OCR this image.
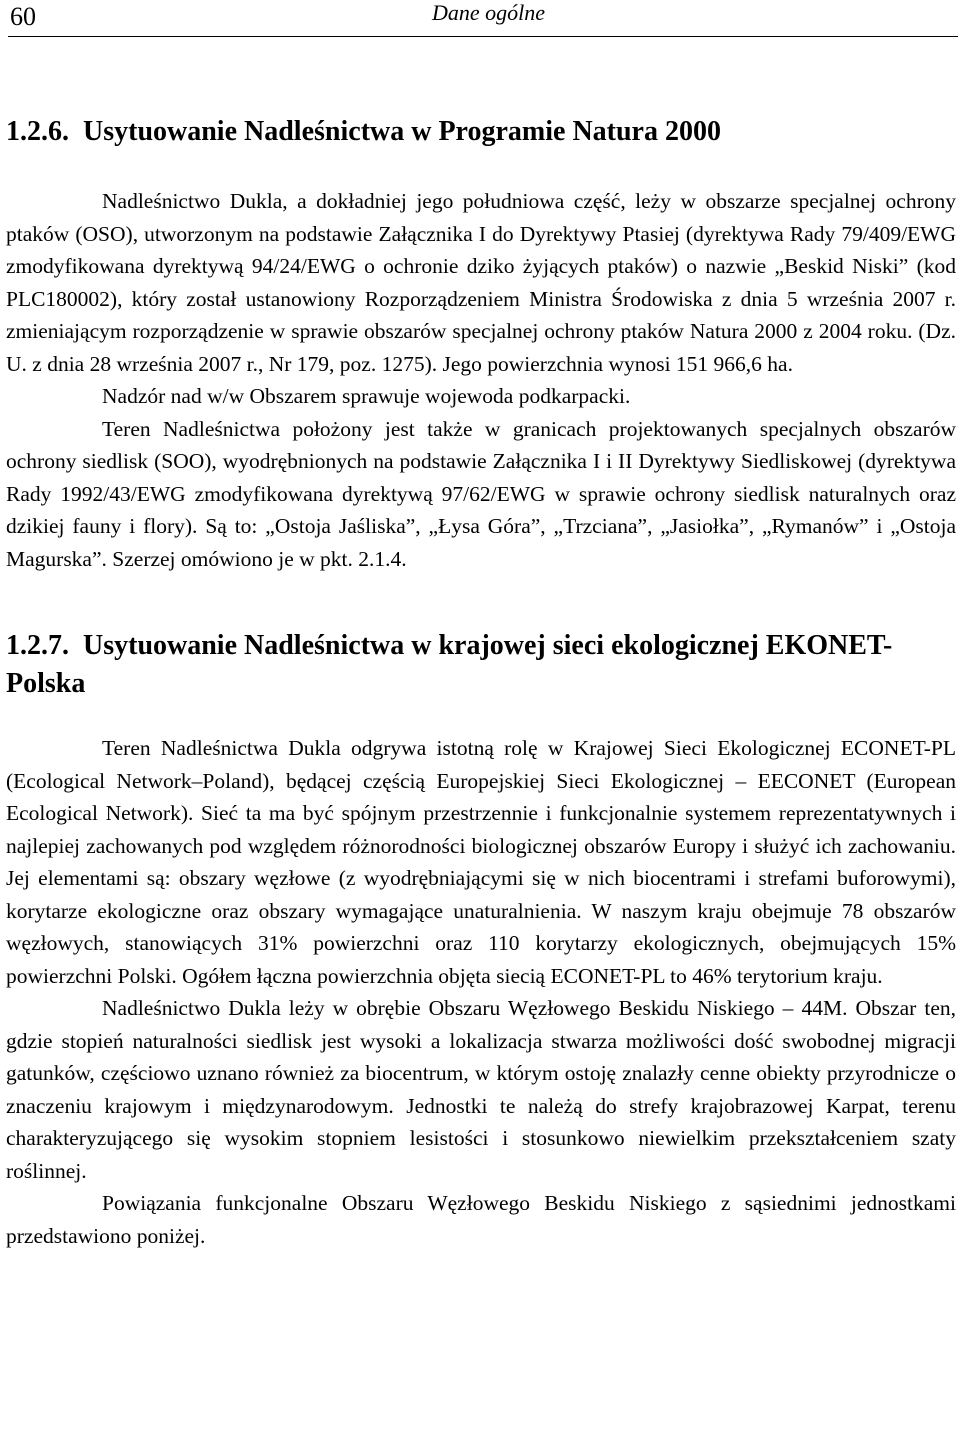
60	Dane ogólne
1.2.6. Usytuowanie Nadleśnictwa w Programie Natura 2000

Nadleśnictwo Dukla, a dokładniej jego południowa część, leży w obszarze specjalnej ochrony ptaków (OSO), utworzonym na podstawie Załącznika I do Dyrektywy Ptasiej (dyrektywa Rady 79/409/EWG zmodyfikowana dyrektywą 94/24/EWG o ochronie dziko żyjących ptaków) o nazwie „Beskid Niski” (kod PLC180002), który został ustanowiony Rozporządzeniem Ministra Środowiska z dnia 5 września 2007 r. zmieniającym rozporządzenie w sprawie obszarów specjalnej ochrony ptaków Natura 2000 z 2004 roku. (Dz. U. z dnia 28 września 2007 r., Nr 179, poz. 1275). Jego powierzchnia wynosi 151 966,6 ha.

Nadzór nad w/w Obszarem sprawuje wojewoda podkarpacki.

Teren Nadleśnictwa położony jest także w granicach projektowanych specjalnych obszarów ochrony siedlisk (SOO), wyodrębnionych na podstawie Załącznika I i II Dyrektywy Siedliskowej (dyrektywa Rady 1992/43/EWG zmodyfikowana dyrektywą 97/62/EWG w sprawie ochrony siedlisk naturalnych oraz dzikiej fauny i flory). Są to: „Ostoja Jaśliska”, „Łysa Góra”, „Trzciana”, „Jasiołka”, „Rymanów” i „Ostoja Magurska”. Szerzej omówiono je w pkt. 2.1.4.

1.2.7. Usytuowanie Nadleśnictwa w krajowej sieci ekologicznej EKONET-Polska

Teren Nadleśnictwa Dukla odgrywa istotną rolę w Krajowej Sieci Ekologicznej ECONET-PL (Ecological Network–Poland), będącej częścią Europejskiej Sieci Ekologicznej – EECONET (European Ecological Network). Sieć ta ma być spójnym przestrzennie i funkcjonalnie systemem reprezentatywnych i najlepiej zachowanych pod względem różnorodności biologicznej obszarów Europy i służyć ich zachowaniu. Jej elementami są: obszary węzłowe (z wyodrębniającymi się w nich biocentrami i strefami buforowymi), korytarze ekologiczne oraz obszary wymagające unaturalnienia. W naszym kraju obejmuje 78 obszarów węzłowych, stanowiących 31% powierzchni oraz 110 korytarzy ekologicznych, obejmujących 15% powierzchni Polski. Ogółem łączna powierzchnia objęta siecią ECONET-PL to 46% terytorium kraju.

Nadleśnictwo Dukla leży w obrębie Obszaru Węzłowego Beskidu Niskiego – 44M. Obszar ten, gdzie stopień naturalności siedlisk jest wysoki a lokalizacja stwarza możliwości dość swobodnej migracji gatunków, częściowo uznano również za biocentrum, w którym ostoję znalazły cenne obiekty przyrodnicze o znaczeniu krajowym i międzynarodowym. Jednostki te należą do strefy krajobrazowej Karpat, terenu charakteryzującego się wysokim stopniem lesistości i stosunkowo niewielkim przekształceniem szaty roślinnej.

Powiązania funkcjonalne Obszaru Węzłowego Beskidu Niskiego z sąsiednimi jednostkami przedstawiono poniżej.
